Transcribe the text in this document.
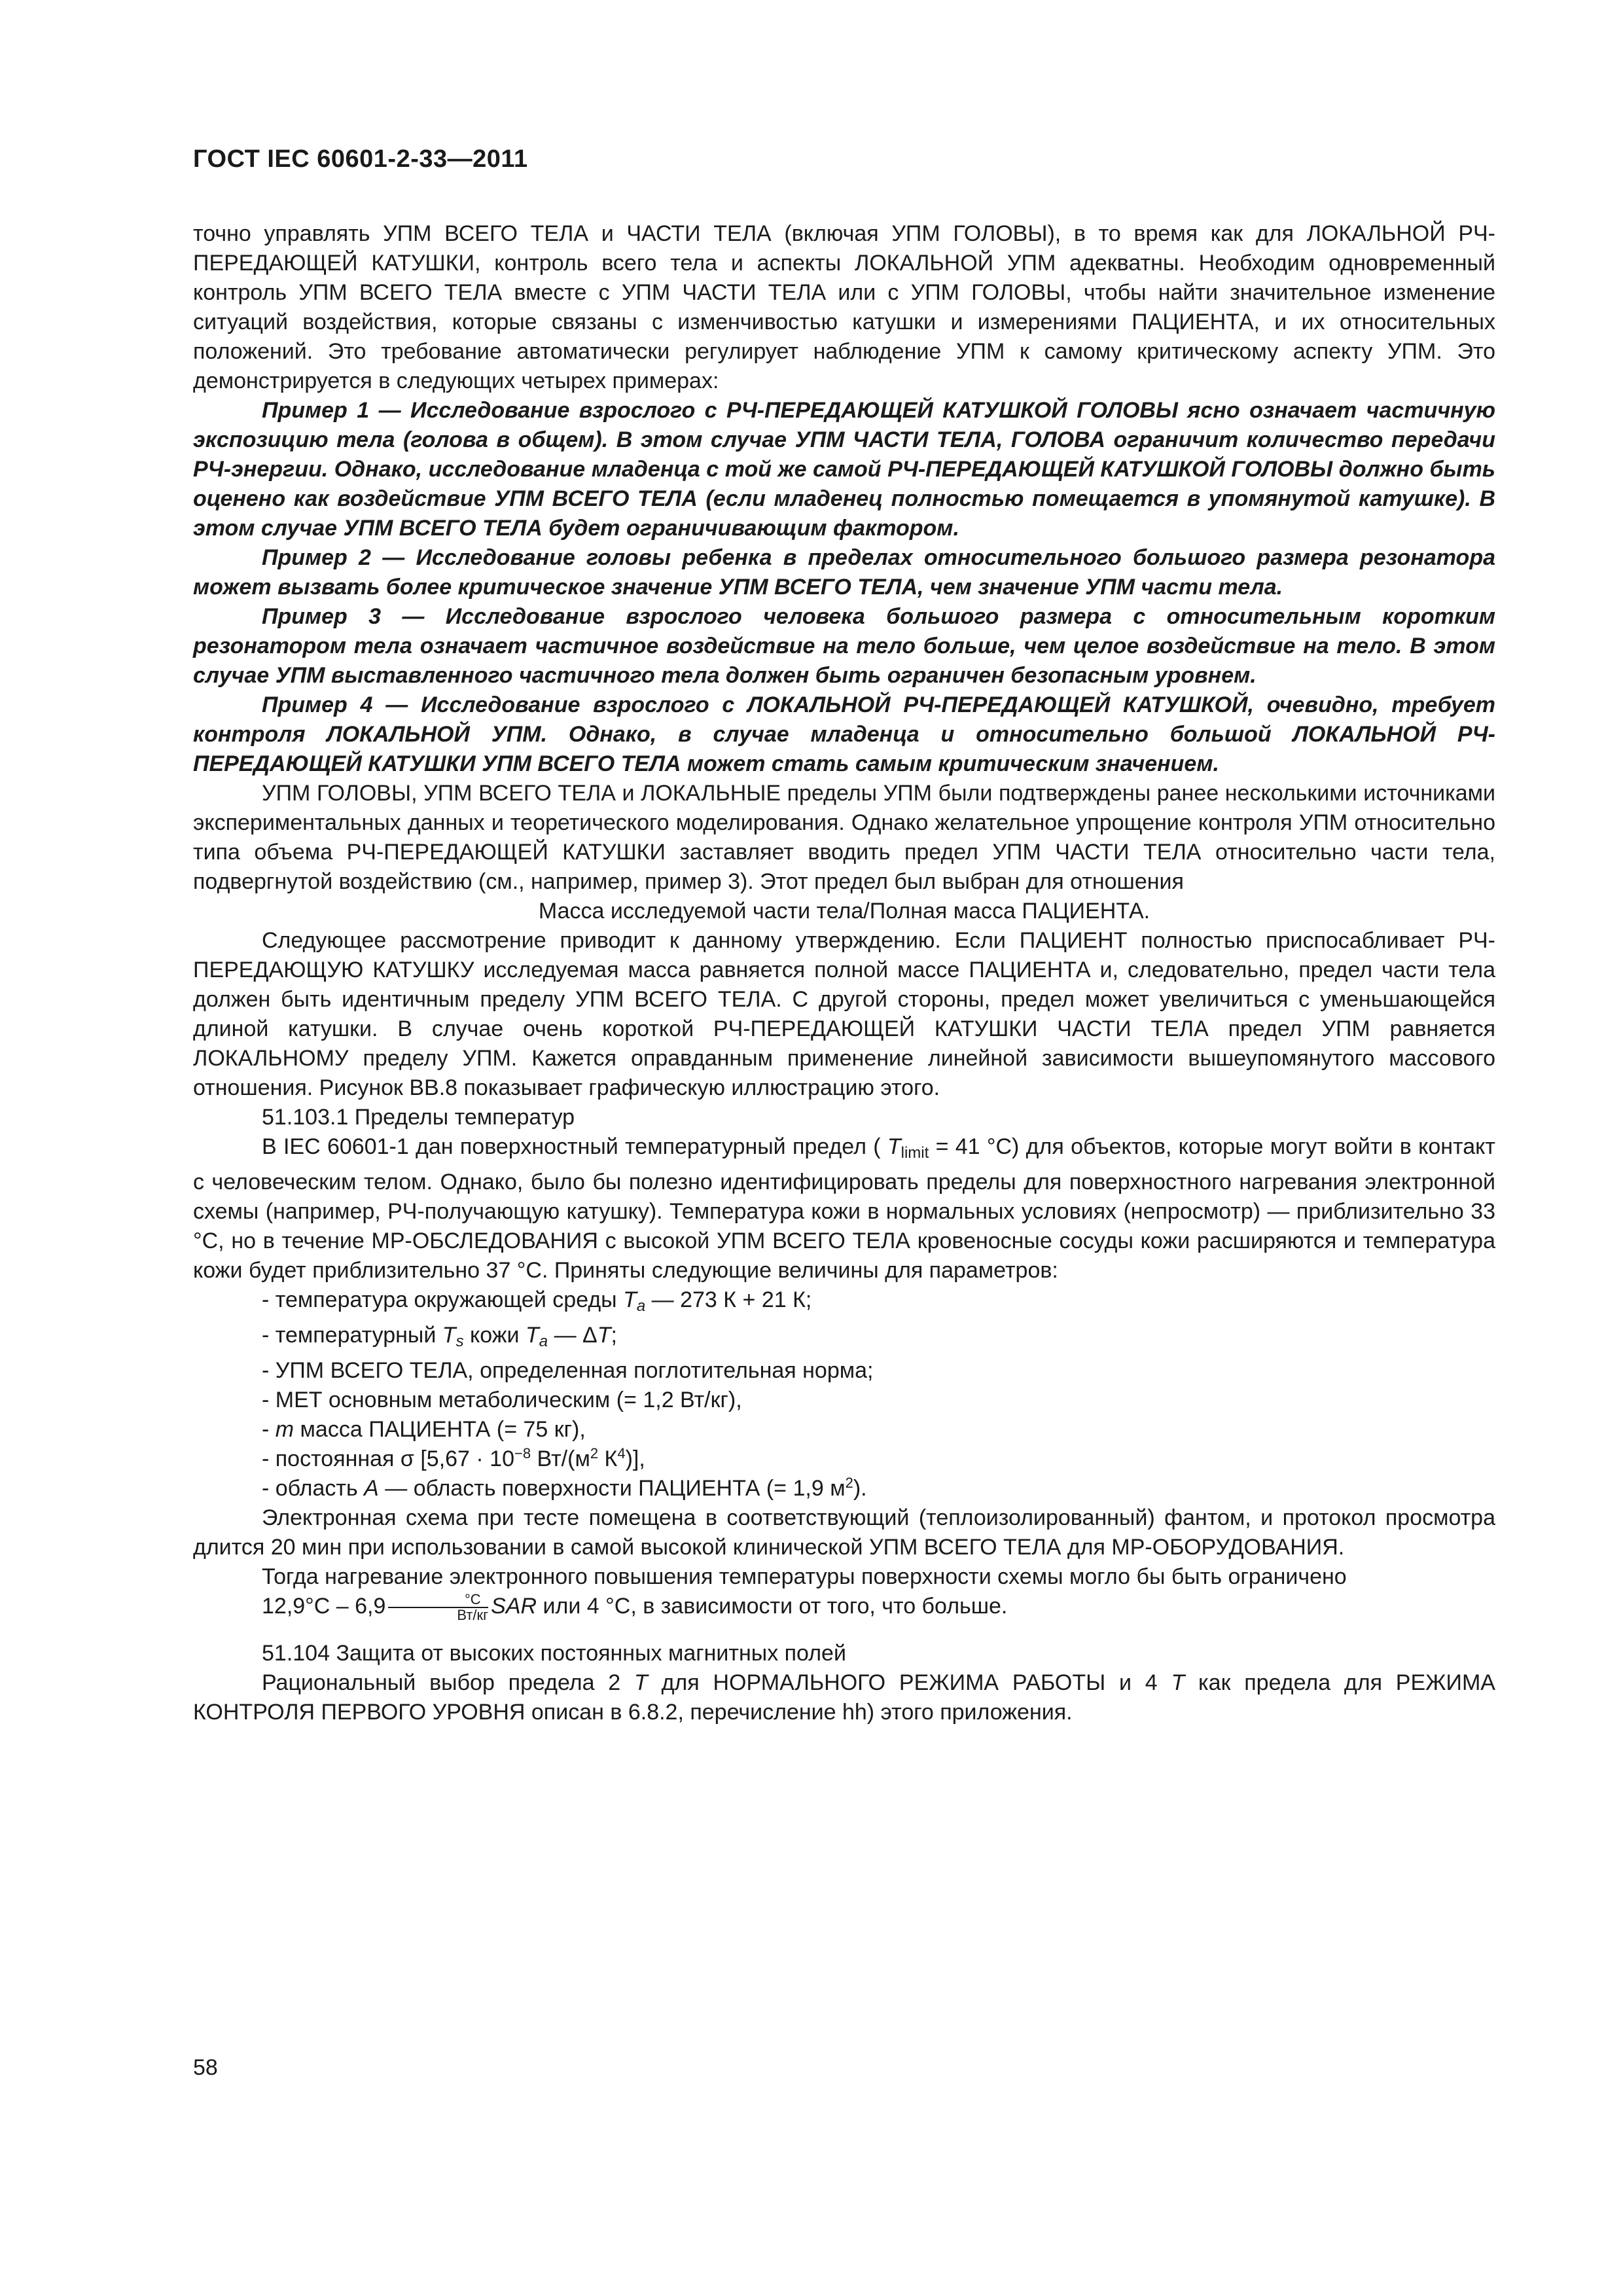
ГОСТ IEC 60601-2-33—2011

точно управлять УПМ ВСЕГО ТЕЛА и ЧАСТИ ТЕЛА (включая УПМ ГОЛОВЫ), в то время как для ЛОКАЛЬНОЙ РЧ-ПЕРЕДАЮЩЕЙ КАТУШКИ, контроль всего тела и аспекты ЛОКАЛЬНОЙ УПМ адекватны. Необходим одновременный контроль УПМ ВСЕГО ТЕЛА вместе с УПМ ЧАСТИ ТЕЛА или с УПМ ГОЛОВЫ, чтобы найти значительное изменение ситуаций воздействия, которые связаны с изменчивостью катушки и измерениями ПАЦИЕНТА, и их относительных положений. Это требование автоматически регулирует наблюдение УПМ к самому критическому аспекту УПМ. Это демонстрируется в следующих четырех примерах:

Пример 1 — Исследование взрослого с РЧ-ПЕРЕДАЮЩЕЙ КАТУШКОЙ ГОЛОВЫ ясно означает частичную экспозицию тела (голова в общем). В этом случае УПМ ЧАСТИ ТЕЛА, ГОЛОВА ограничит количество передачи РЧ-энергии. Однако, исследование младенца с той же самой РЧ-ПЕРЕДАЮЩЕЙ КАТУШКОЙ ГОЛОВЫ должно быть оценено как воздействие УПМ ВСЕГО ТЕЛА (если младенец полностью помещается в упомянутой катушке). В этом случае УПМ ВСЕГО ТЕЛА будет ограничивающим фактором.

Пример 2 — Исследование головы ребенка в пределах относительного большого размера резонатора может вызвать более критическое значение УПМ ВСЕГО ТЕЛА, чем значение УПМ части тела.

Пример 3 — Исследование взрослого человека большого размера с относительным коротким резонатором тела означает частичное воздействие на тело больше, чем целое воздействие на тело. В этом случае УПМ выставленного частичного тела должен быть ограничен безопасным уровнем.

Пример 4 — Исследование взрослого с ЛОКАЛЬНОЙ РЧ-ПЕРЕДАЮЩЕЙ КАТУШКОЙ, очевидно, требует контроля ЛОКАЛЬНОЙ УПМ. Однако, в случае младенца и относительно большой ЛОКАЛЬНОЙ РЧ-ПЕРЕДАЮЩЕЙ КАТУШКИ УПМ ВСЕГО ТЕЛА может стать самым критическим значением.

УПМ ГОЛОВЫ, УПМ ВСЕГО ТЕЛА и ЛОКАЛЬНЫЕ пределы УПМ были подтверждены ранее несколькими источниками экспериментальных данных и теоретического моделирования. Однако желательное упрощение контроля УПМ относительно типа объема РЧ-ПЕРЕДАЮЩЕЙ КАТУШКИ заставляет вводить предел УПМ ЧАСТИ ТЕЛА относительно части тела, подвергнутой воздействию (см., например, пример 3). Этот предел был выбран для отношения

Масса исследуемой части тела/Полная масса ПАЦИЕНТА.

Следующее рассмотрение приводит к данному утверждению. Если ПАЦИЕНТ полностью приспосабливает РЧ-ПЕРЕДАЮЩУЮ КАТУШКУ исследуемая масса равняется полной массе ПАЦИЕНТА и, следовательно, предел части тела должен быть идентичным пределу УПМ ВСЕГО ТЕЛА. С другой стороны, предел может увеличиться с уменьшающейся длиной катушки. В случае очень короткой РЧ-ПЕРЕДАЮЩЕЙ КАТУШКИ ЧАСТИ ТЕЛА предел УПМ равняется ЛОКАЛЬНОМУ пределу УПМ. Кажется оправданным применение линейной зависимости вышеупомянутого массового отношения. Рисунок ВВ.8 показывает графическую иллюстрацию этого.

51.103.1 Пределы температур

В IEC 60601-1 дан поверхностный температурный предел ( $T_{limit} = 41$ °С) для объектов, которые могут войти в контакт с человеческим телом. Однако, было бы полезно идентифицировать пределы для поверхностного нагревания электронной схемы (например, РЧ-получающую катушку). Температура кожи в нормальных условиях (непросмотр) — приблизительно 33 °С, но в течение МР-ОБСЛЕДОВАНИЯ с высокой УПМ ВСЕГО ТЕЛА кровеносные сосуды кожи расширяются и температура кожи будет приблизительно 37 °С. Приняты следующие величины для параметров:

- температура окружающей среды $T_a$ — 273 К + 21 К;

- температурный $T_s$ кожи $T_a$ — ΔT;

- УПМ ВСЕГО ТЕЛА, определенная поглотительная норма;

- МЕТ основным метаболическим (= 1,2 Вт/кг),

- m масса ПАЦИЕНТА (= 75 кг),

- постоянная σ [$5,67 \cdot 10^{-8}$ $Вт/(м^2$ $К^4$)],

- область A — область поверхности ПАЦИЕНТА (= 1,9 $м^2$).

Электронная схема при тесте помещена в соответствующий (теплоизолированный) фантом, и протокол просмотра длится 20 мин при использовании в самой высокой клинической УПМ ВСЕГО ТЕЛА для МР-ОБОРУДОВАНИЯ.

Тогда нагревание электронного повышения температуры поверхности схемы могло бы быть ограничено

$12,9^\circ С - 6,9 \frac{^\circ С}{Вт/кг}$ SAR или 4 °С, в зависимости от того, что больше.

51.104 Защита от высоких постоянных магнитных полей

Рациональный выбор предела 2 T для НОРМАЛЬНОГО РЕЖИМА РАБОТЫ и 4 T как предела для РЕЖИМА КОНТРОЛЯ ПЕРВОГО УРОВНЯ описан в 6.8.2, перечисление hh) этого приложения.

58
